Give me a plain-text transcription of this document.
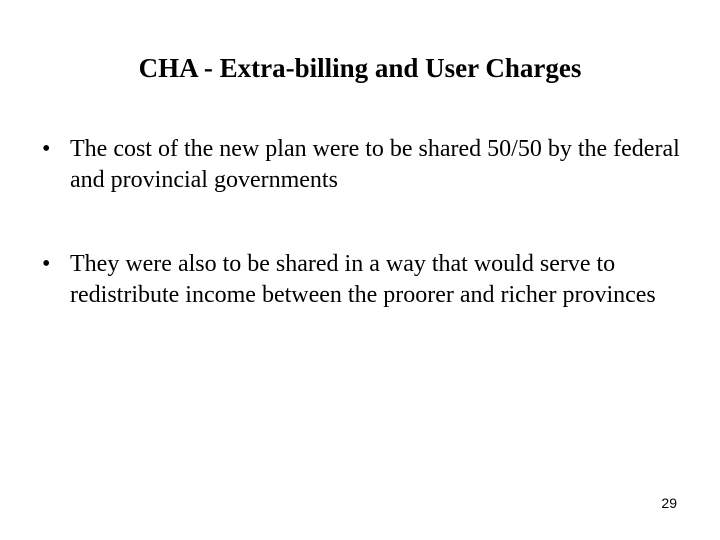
CHA - Extra-billing and User Charges
• The cost of the new plan were to be shared 50/50 by the federal and provincial governments
• They were also to be shared in a way that would serve to redistribute income between the proorer and richer provinces
29
